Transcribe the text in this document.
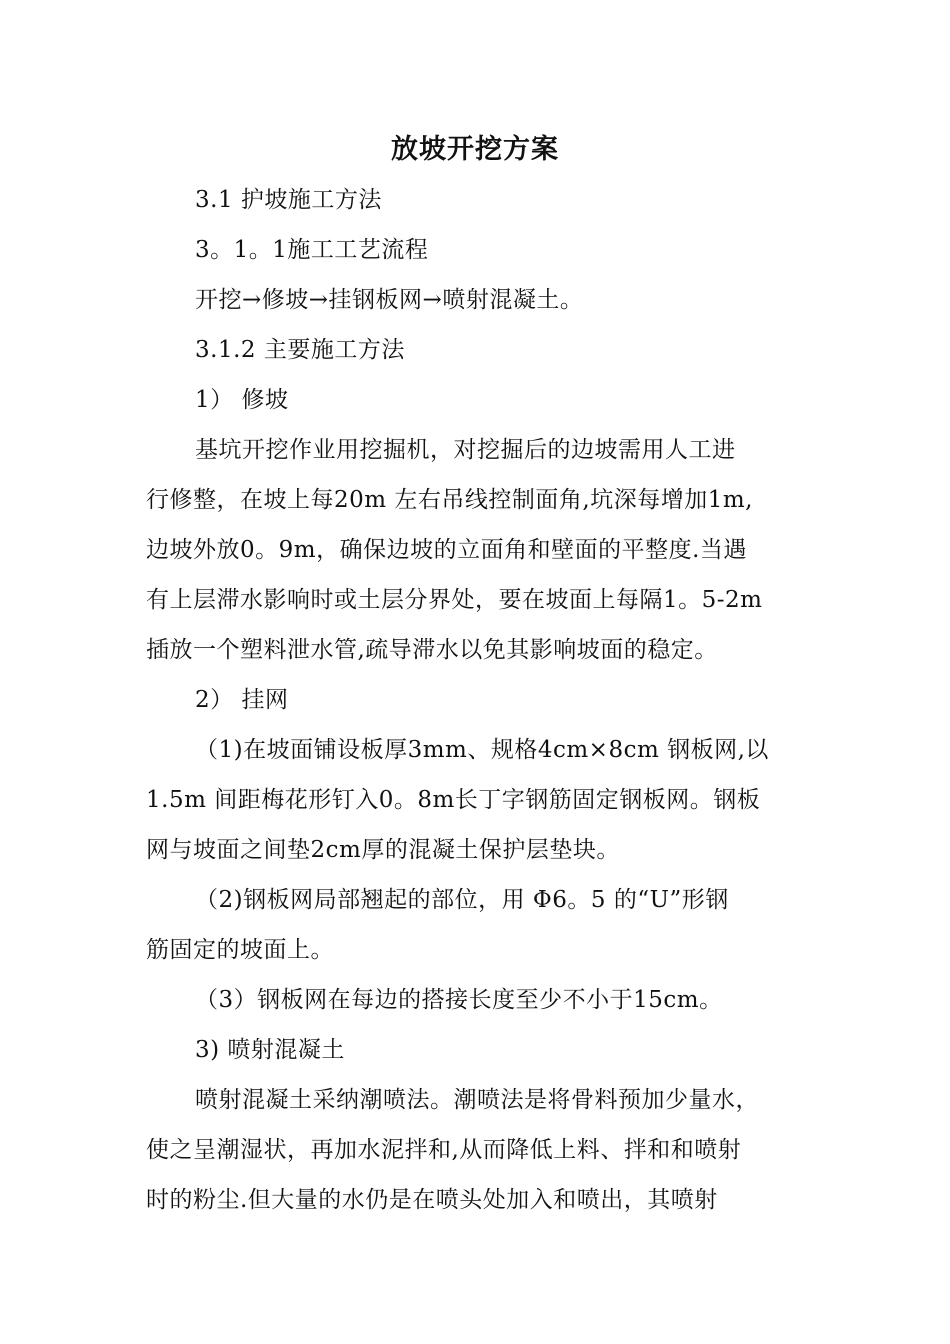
放坡开挖方案
3.1 护坡施工方法
3。1。1施工工艺流程
开挖→修坡→挂钢板网→喷射混凝土。
3.1.2 主要施工方法
1） 修坡
基坑开挖作业用挖掘机，对挖掘后的边坡需用人工进
行修整，在坡上每20m 左右吊线控制面角,坑深每增加1m,
边坡外放0。9m，确保边坡的立面角和壁面的平整度.当遇
有上层滞水影响时或土层分界处，要在坡面上每隔1。5-2m
插放一个塑料泄水管,疏导滞水以免其影响坡面的稳定。
2） 挂网
（1)在坡面铺设板厚3mm、规格4cm×8cm 钢板网,以
1.5m 间距梅花形钉入0。8m长丁字钢筋固定钢板网。钢板
网与坡面之间垫2cm厚的混凝土保护层垫块。
（2)钢板网局部翘起的部位，用 Φ6。5 的“U”形钢
筋固定的坡面上。
（3）钢板网在每边的搭接长度至少不小于15cm。
3) 喷射混凝土
喷射混凝土采纳潮喷法。潮喷法是将骨料预加少量水，
使之呈潮湿状，再加水泥拌和,从而降低上料、拌和和喷射
时的粉尘.但大量的水仍是在喷头处加入和喷出，其喷射
